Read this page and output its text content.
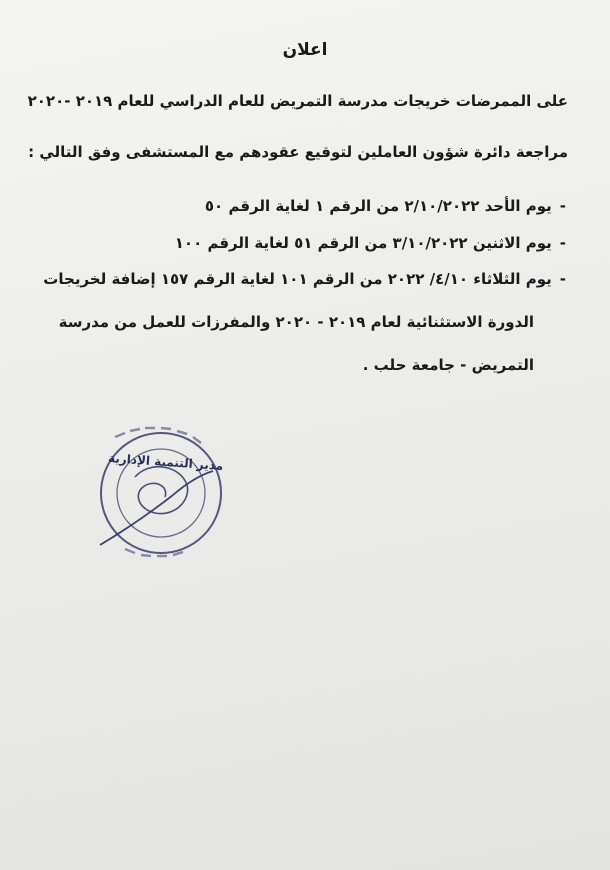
اعلان
على الممرضات خريجات مدرسة التمريض للعام الدراسي للعام ٢٠١٩ -٢٠٢٠
مراجعة دائرة شؤون العاملين لتوقيع عقودهم مع المستشفى وفق التالي :
-يوم الأحد ٢/١٠/٢٠٢٢ من الرقم ١ لغاية الرقم ٥٠
-يوم الاثنين ٣/١٠/٢٠٢٢ من الرقم ٥١ لغاية الرقم ١٠٠
-يوم الثلاثاء ٤/١٠/ ٢٠٢٢ من الرقم ١٠١ لغاية الرقم ١٥٧ إضافة لخريجات
الدورة الاستثنائية لعام ٢٠١٩ - ٢٠٢٠ والمفرزات للعمل من مدرسة
التمريض - جامعة حلب .
مدير التنمية الإدارية
